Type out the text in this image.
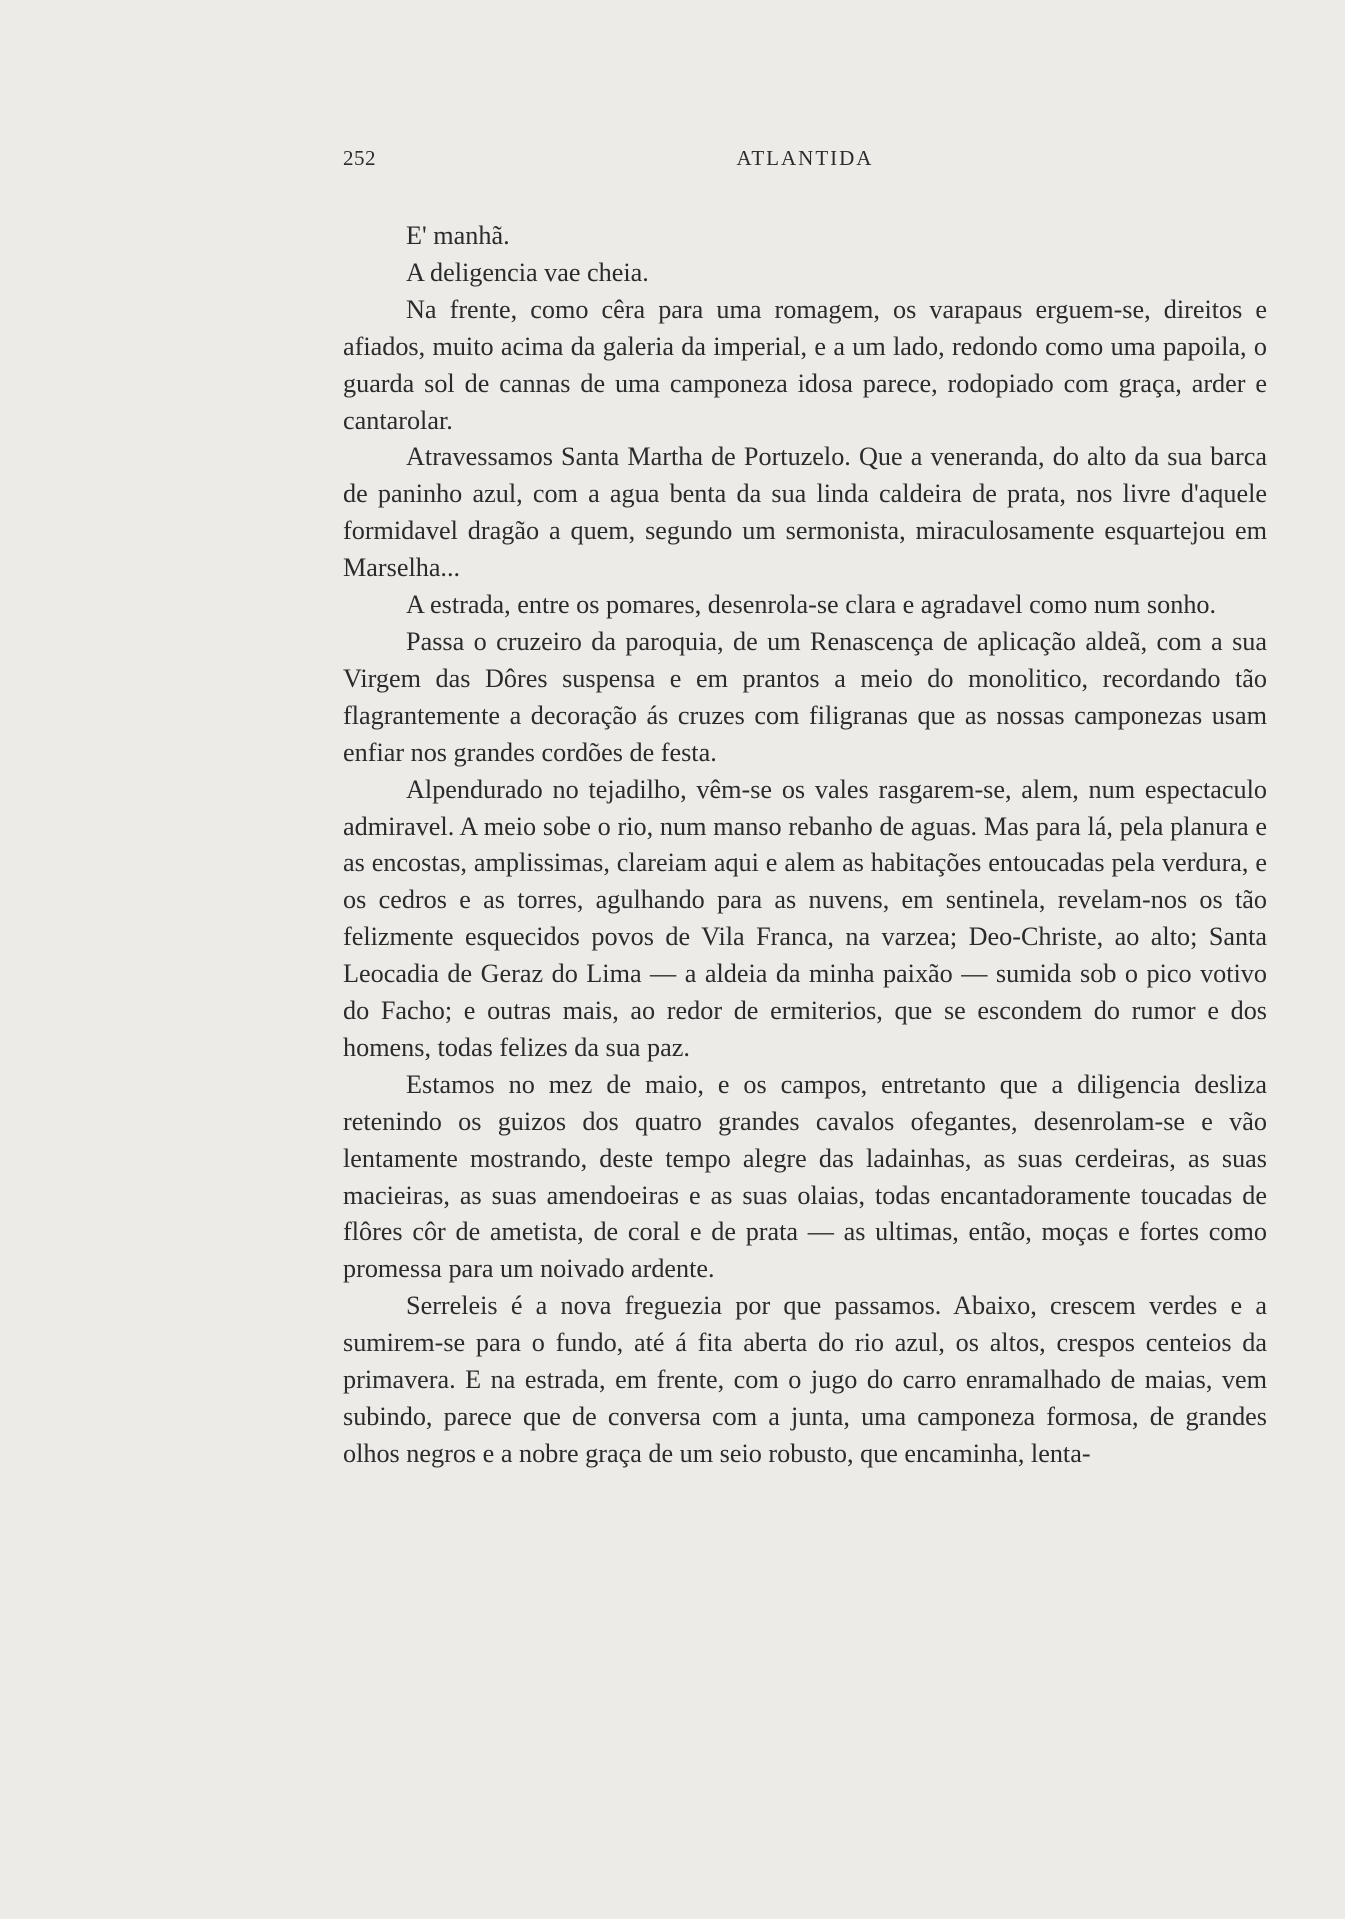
252	ATLANTIDA

E' manhã.

A deligencia vae cheia.

Na frente, como cêra para uma romagem, os varapaus erguem-se, direitos e afiados, muito acima da galeria da imperial, e a um lado, redondo como uma papoila, o guarda sol de cannas de uma camponeza idosa parece, rodopiado com graça, arder e cantarolar.

Atravessamos Santa Martha de Portuzelo. Que a veneranda, do alto da sua barca de paninho azul, com a agua benta da sua linda caldeira de prata, nos livre d'aquele formidavel dragão a quem, segundo um sermonista, miraculosamente esquartejou em Marselha...

A estrada, entre os pomares, desenrola-se clara e agradavel como num sonho.

Passa o cruzeiro da paroquia, de um Renascença de aplicação aldeã, com a sua Virgem das Dôres suspensa e em prantos a meio do monolitico, recordando tão flagrantemente a decoração ás cruzes com filigranas que as nossas camponezas usam enfiar nos grandes cordões de festa.

Alpendurado no tejadilho, vêm-se os vales rasgarem-se, alem, num espectaculo admiravel. A meio sobe o rio, num manso rebanho de aguas. Mas para lá, pela planura e as encostas, amplissimas, clareiam aqui e alem as habitações entoucadas pela verdura, e os cedros e as torres, agulhando para as nuvens, em sentinela, revelam-nos os tão felizmente esquecidos povos de Vila Franca, na varzea; Deo-Christe, ao alto; Santa Leocadia de Geraz do Lima — a aldeia da minha paixão — sumida sob o pico votivo do Facho; e outras mais, ao redor de ermiterios, que se escondem do rumor e dos homens, todas felizes da sua paz.

Estamos no mez de maio, e os campos, entretanto que a diligencia desliza retenindo os guizos dos quatro grandes cavalos ofegantes, desenrolam-se e vão lentamente mostrando, deste tempo alegre das ladainhas, as suas cerdeiras, as suas macieiras, as suas amendoeiras e as suas olaias, todas encantadoramente toucadas de flôres côr de ametista, de coral e de prata — as ultimas, então, moças e fortes como promessa para um noivado ardente.

Serreleis é a nova freguezia por que passamos. Abaixo, crescem verdes e a sumirem-se para o fundo, até á fita aberta do rio azul, os altos, crespos centeios da primavera. E na estrada, em frente, com o jugo do carro enramalhado de maias, vem subindo, parece que de conversa com a junta, uma camponeza formosa, de grandes olhos negros e a nobre graça de um seio robusto, que encaminha, lenta-
